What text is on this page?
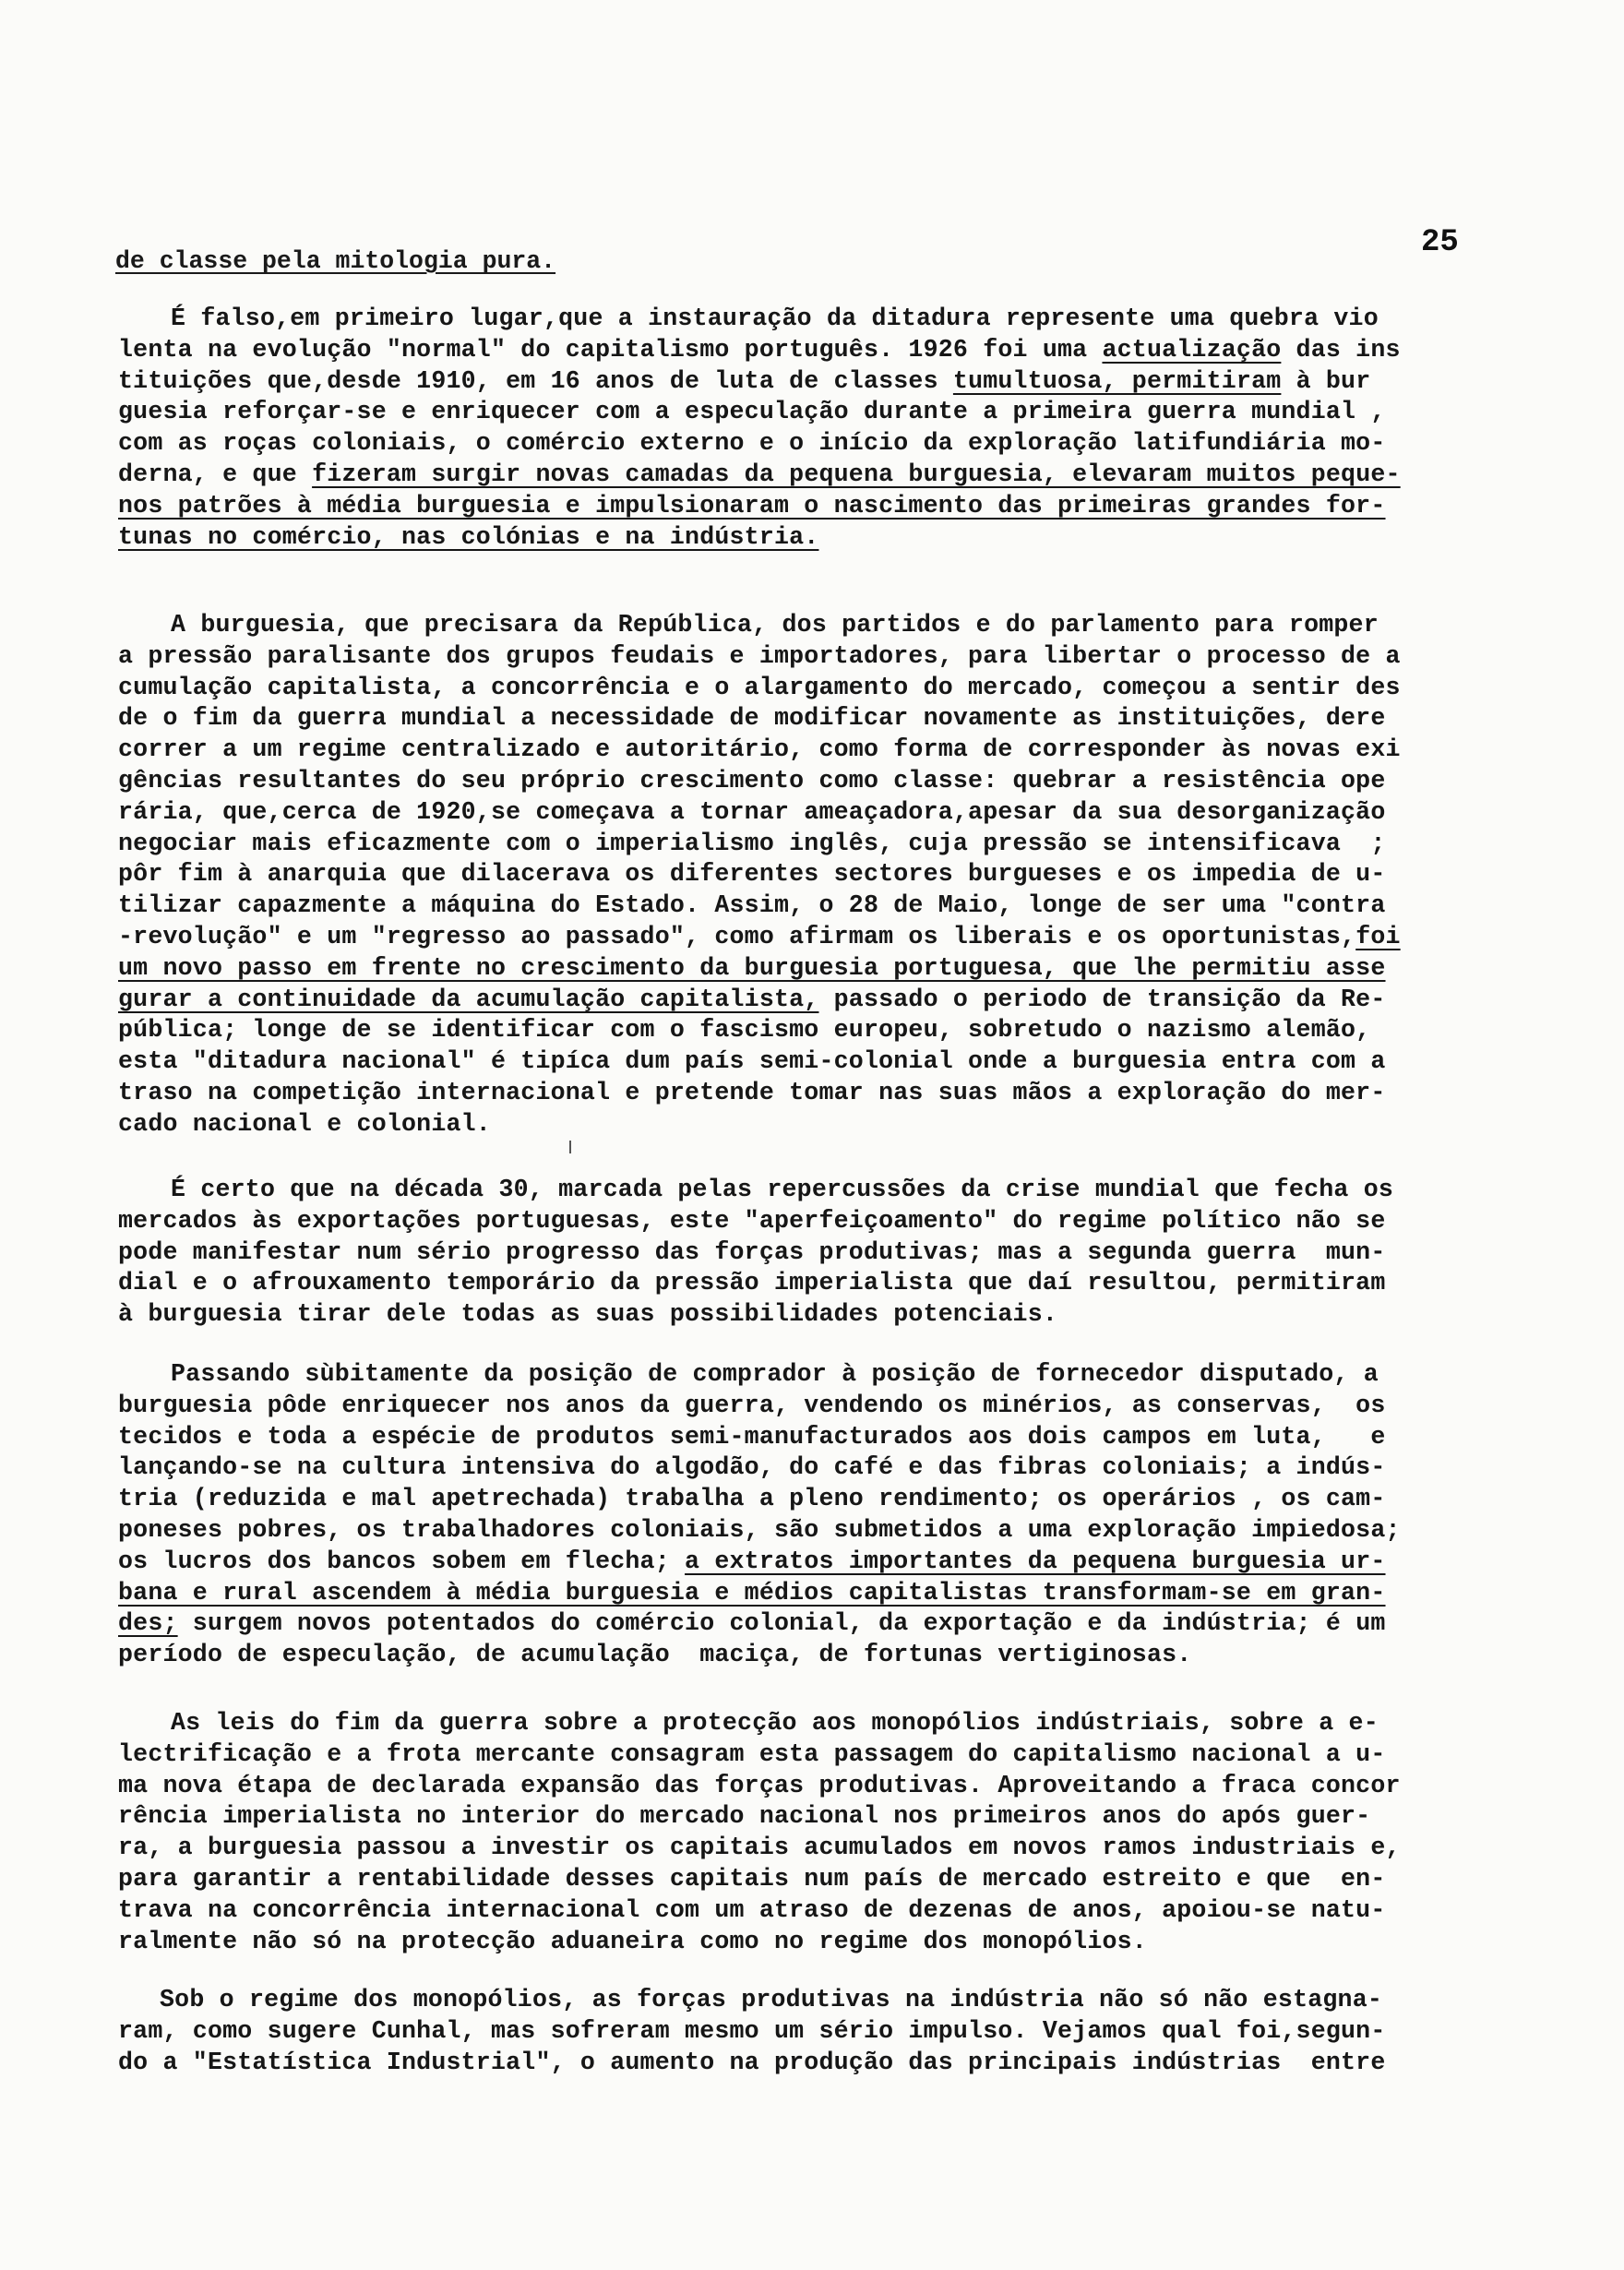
25
de classe pela mitologia pura.
É falso,em primeiro lugar,que a instauração da ditadura represente uma quebra vio
lenta na evolução "normal" do capitalismo português. 1926 foi uma actualização das ins
tituições que,desde 1910, em 16 anos de luta de classes tumultuosa, permitiram à bur
guesia reforçar-se e enriquecer com a especulação durante a primeira guerra mundial ,
com as roças coloniais, o comércio externo e o início da exploração latifundiária mo-
derna, e que fizeram surgir novas camadas da pequena burguesia, elevaram muitos peque-
nos patrões à média burguesia e impulsionaram o nascimento das primeiras grandes for-
tunas no comércio, nas colónias e na indústria.
A burguesia, que precisara da República, dos partidos e do parlamento para romper
a pressão paralisante dos grupos feudais e importadores, para libertar o processo de a
cumulação capitalista, a concorrência e o alargamento do mercado, começou a sentir des
de o fim da guerra mundial a necessidade de modificar novamente as instituições, dere
correr a um regime centralizado e autoritário, como forma de corresponder às novas exi
gências resultantes do seu próprio crescimento como classe: quebrar a resistência ope
rária, que,cerca de 1920,se começava a tornar ameaçadora,apesar da sua desorganização
negociar mais eficazmente com o imperialismo inglês, cuja pressão se intensificava  ;
pôr fim à anarquia que dilacerava os diferentes sectores burgueses e os impedia de u-
tilizar capazmente a máquina do Estado. Assim, o 28 de Maio, longe de ser uma "contra
-revolução" e um "regresso ao passado", como afirmam os liberais e os oportunistas,foi
um novo passo em frente no crescimento da burguesia portuguesa, que lhe permitiu asse
gurar a continuidade da acumulação capitalista, passado o periodo de transição da Re-
pública; longe de se identificar com o fascismo europeu, sobretudo o nazismo alemão,
esta "ditadura nacional" é tipíca dum país semi-colonial onde a burguesia entra com a
traso na competição internacional e pretende tomar nas suas mãos a exploração do mer-
cado nacional e colonial.
É certo que na década 30, marcada pelas repercussões da crise mundial que fecha os
mercados às exportações portuguesas, este "aperfeiçoamento" do regime político não se
pode manifestar num sério progresso das forças produtivas; mas a segunda guerra  mun-
dial e o afrouxamento temporário da pressão imperialista que daí resultou, permitiram
à burguesia tirar dele todas as suas possibilidades potenciais.
Passando sùbitamente da posição de comprador à posição de fornecedor disputado, a
burguesia pôde enriquecer nos anos da guerra, vendendo os minérios, as conservas,  os
tecidos e toda a espécie de produtos semi-manufacturados aos dois campos em luta,   e
lançando-se na cultura intensiva do algodão, do café e das fibras coloniais; a indús-
tria (reduzida e mal apetrechada) trabalha a pleno rendimento; os operários , os cam-
poneses pobres, os trabalhadores coloniais, são submetidos a uma exploração impiedosa;
os lucros dos bancos sobem em flecha; a extratos importantes da pequena burguesia ur-
bana e rural ascendem à média burguesia e médios capitalistas transformam-se em gran-
des; surgem novos potentados do comércio colonial, da exportação e da indústria; é um
período de especulação, de acumulação  maciça, de fortunas vertiginosas.
As leis do fim da guerra sobre a protecção aos monopólios indústriais, sobre a e-
lectrificação e a frota mercante consagram esta passagem do capitalismo nacional a u-
ma nova étapa de declarada expansão das forças produtivas. Aproveitando a fraca concor
rência imperialista no interior do mercado nacional nos primeiros anos do após guer-
ra, a burguesia passou a investir os capitais acumulados em novos ramos industriais e,
para garantir a rentabilidade desses capitais num país de mercado estreito e que  en-
trava na concorrência internacional com um atraso de dezenas de anos, apoiou-se natu-
ralmente não só na protecção aduaneira como no regime dos monopólios.
Sob o regime dos monopólios, as forças produtivas na indústria não só não estagna-
ram, como sugere Cunhal, mas sofreram mesmo um sério impulso. Vejamos qual foi,segun-
do a "Estatística Industrial", o aumento na produção das principais indústrias  entre
